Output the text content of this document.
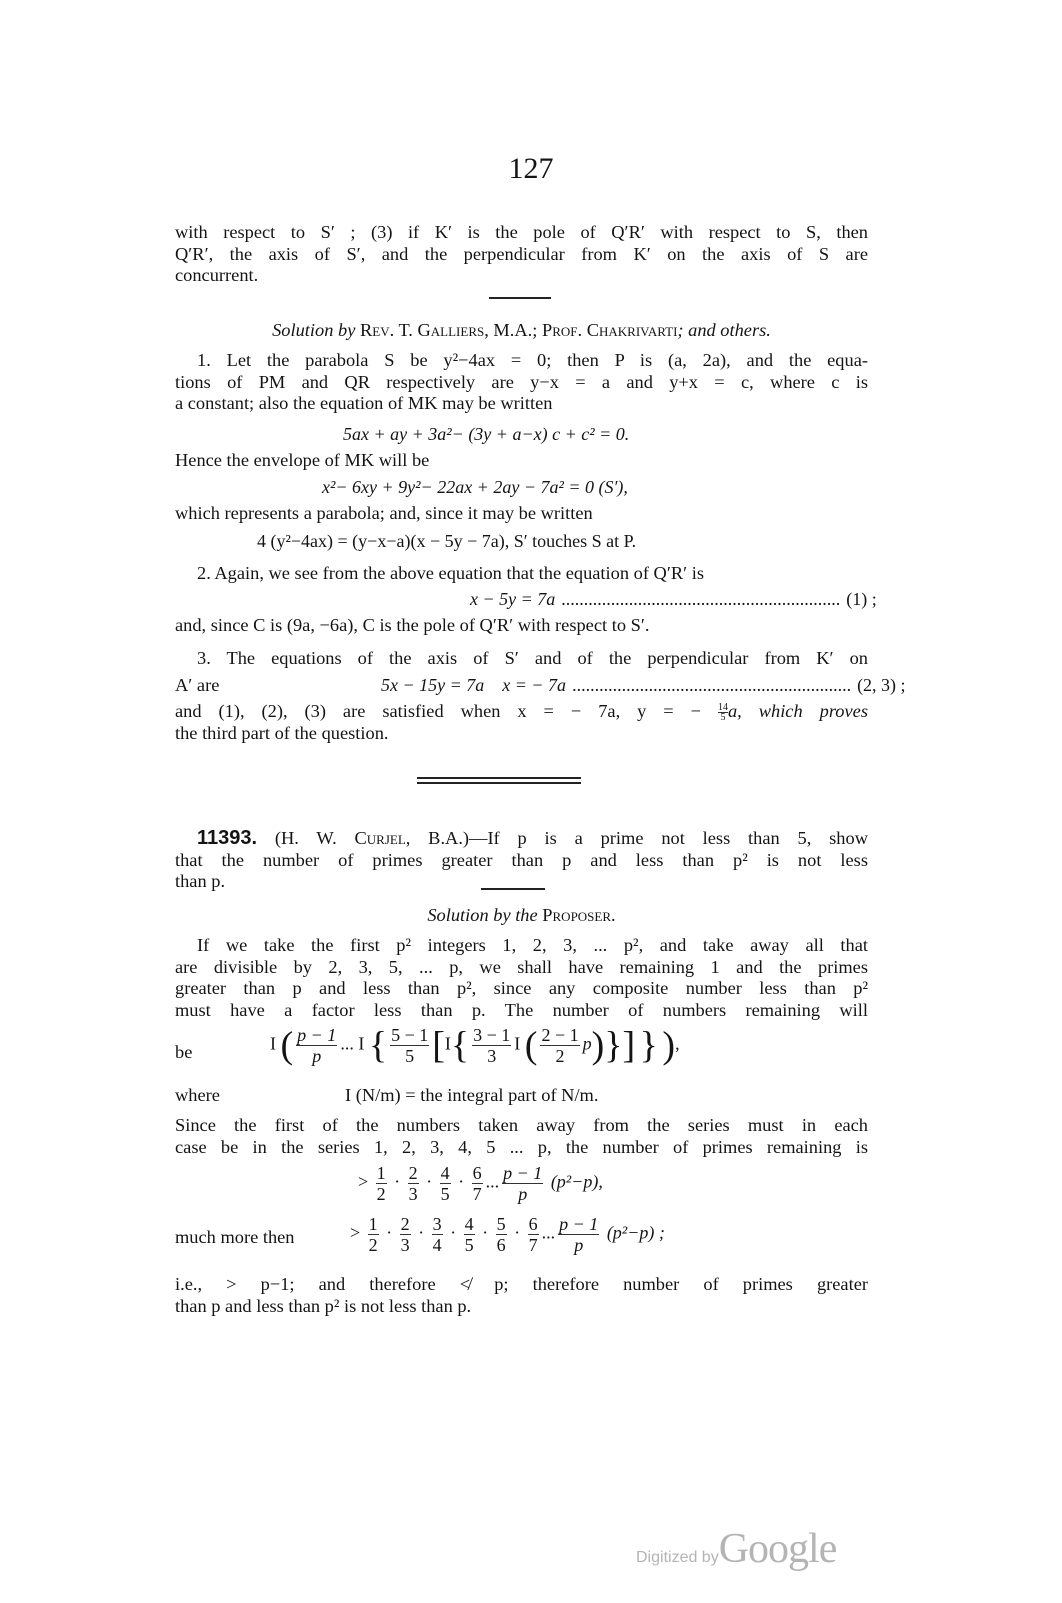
127
with respect to S′ ; (3) if K′ is the pole of Q′R′ with respect to S, then
Q′R′, the axis of S′, and the perpendicular from K′ on the axis of S are
concurrent.
Solution by Rev. T. Galliers, M.A.; Prof. Chakrivarti; and others.
1. Let the parabola S be y²−4ax = 0; then P is (a, 2a), and the equa-
tions of PM and QR respectively are y−x = a and y+x = c, where c is
a constant; also the equation of MK may be written
5ax + ay + 3a²− (3y + a−x) c + c² = 0.
Hence the envelope of MK will be
x²− 6xy + 9y²− 22ax + 2ay − 7a² = 0 (S′),
which represents a parabola; and, since it may be written
4 (y²−4ax) = (y−x−a)(x − 5y − 7a), S′ touches S at P.
2. Again, we see from the above equation that the equation of Q′R′ is
x − 5y = 7a .............................................................. (1) ;
and, since C is (9a, −6a), C is the pole of Q′R′ with respect to S′.
3. The equations of the axis of S′ and of the perpendicular from K′ on
A′ are	5x − 15y = 7a    x = − 7a .............................................................. (2, 3) ;
and (1), (2), (3) are satisfied when x = − 7a, y = − $\frac{14}{5} a$, which proves
the third part of the question.
11393. (H. W. Curjel, B.A.)—If p is a prime not less than 5, show
that the number of primes greater than p and less than p² is not less
than p.
Solution by the Proposer.
If we take the first p² integers 1, 2, 3, ... p², and take away all that
are divisible by 2, 3, 5, ... p, we shall have remaining 1 and the primes
greater than p and less than p², since any composite number less than p²
must have a factor less than p. The number of numbers remaining will
be	I ( $\frac{p - 1}{p}$ ... I { $\frac{5 - 1}{5} [I\{ \frac{3 - 1}{3}$ I ( $\frac{2 - 1}{2} p$)}] } ),
where	I (N/m) = the integral part of N/m.
Since the first of the numbers taken away from the series must in each
case be in the series 1, 2, 3, 4, 5 ... p, the number of primes remaining is
> $\frac{1}{2} \cdot \frac{2}{3} \cdot \frac{4}{5} \cdot \frac{6}{7}$ ... $\frac{p - 1}{p} (p^2-p)$,
much more then	> $\frac{1}{2} \cdot \frac{2}{3} \cdot \frac{3}{4} \cdot \frac{4}{5} \cdot \frac{5}{6} \cdot \frac{6}{7}$ ... $\frac{p - 1}{p} (p^2-p)$ ;
i.e., > p−1; and therefore ≮ p; therefore number of primes greater
than p and less than p² is not less than p.
Digitized byGoogle
